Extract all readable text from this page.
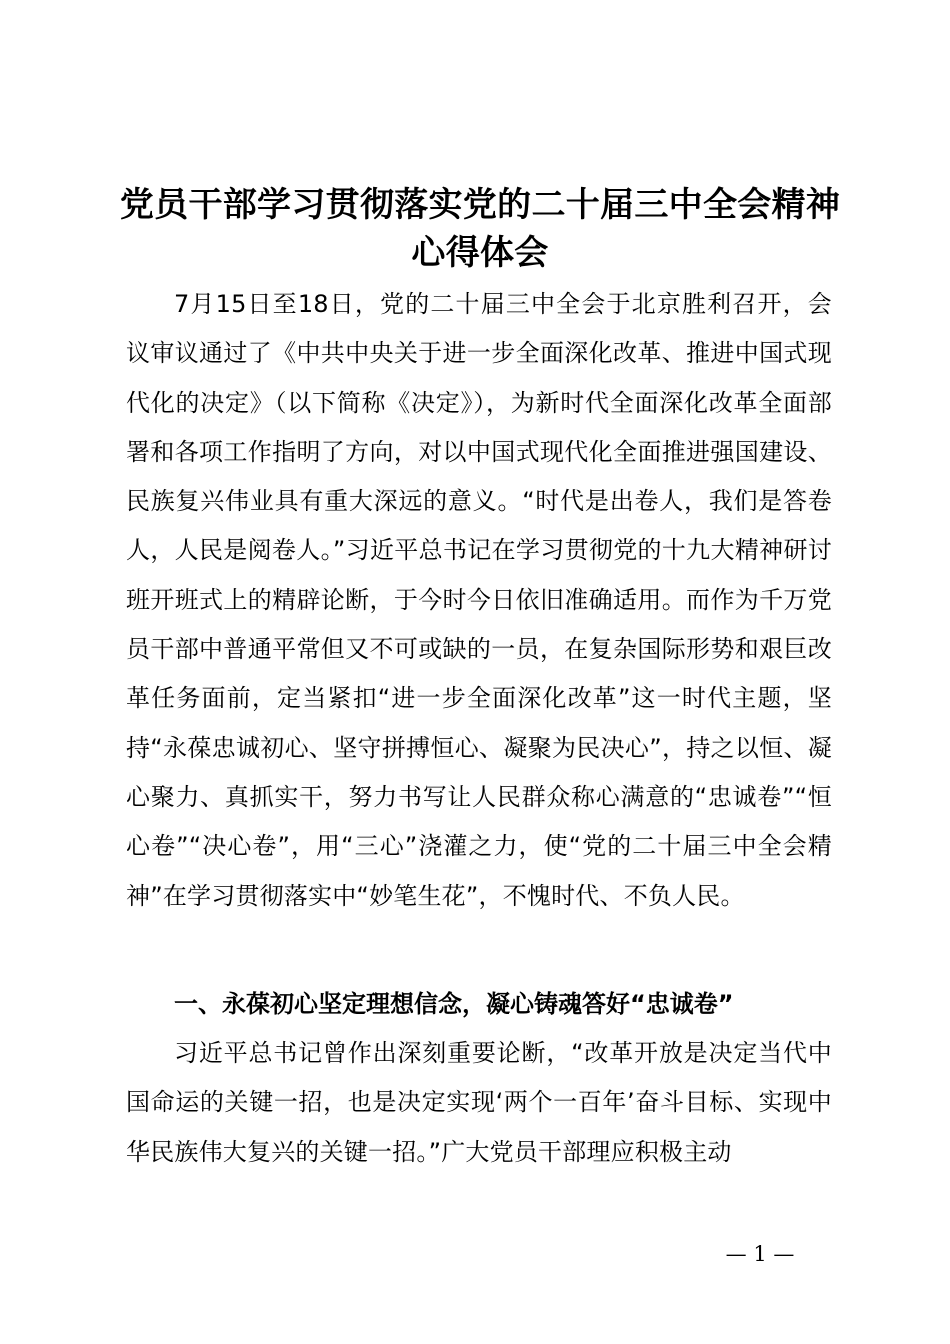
党员干部学习贯彻落实党的二十届三中全会精神心得体会

7月15日至18日，党的二十届三中全会于北京胜利召开，会议审议通过了《中共中央关于进一步全面深化改革、推进中国式现代化的决定》（以下简称《决定》），为新时代全面深化改革全面部署和各项工作指明了方向，对以中国式现代化全面推进强国建设、民族复兴伟业具有重大深远的意义。“时代是出卷人，我们是答卷人，人民是阅卷人。”习近平总书记在学习贯彻党的十九大精神研讨班开班式上的精辟论断，于今时今日依旧准确适用。而作为千万党员干部中普通平常但又不可或缺的一员，在复杂国际形势和艰巨改革任务面前，定当紧扣“进一步全面深化改革”这一时代主题，坚持“永葆忠诚初心、坚守拼搏恒心、凝聚为民决心”，持之以恒、凝心聚力、真抓实干，努力书写让人民群众称心满意的“忠诚卷”“恒心卷”“决心卷”，用“三心”浇灌之力，使“党的二十届三中全会精神”在学习贯彻落实中“妙笔生花”，不愧时代、不负人民。

一、永葆初心坚定理想信念，凝心铸魂答好“忠诚卷”

习近平总书记曾作出深刻重要论断，“改革开放是决定当代中国命运的关键一招，也是决定实现‘两个一百年’奋斗目标、实现中华民族伟大复兴的关键一招。”广大党员干部理应积极主动

— 1 —
